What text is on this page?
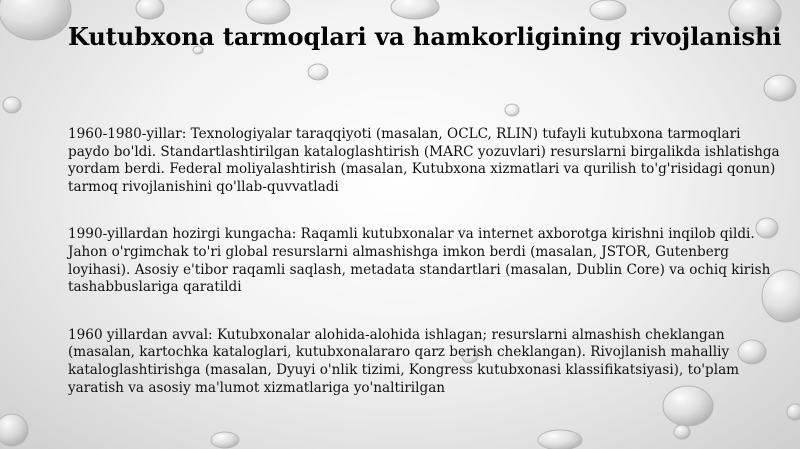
Kutubxona tarmoqlari va hamkorligining rivojlanishi

1960-1980-yillar: Texnologiyalar taraqqiyoti (masalan, OCLC, RLIN) tufayli kutubxona tarmoqlari paydo bo'ldi. Standartlashtirilgan kataloglashtirish (MARC yozuvlari) resurslarni birgalikda ishlatishga yordam berdi. Federal moliyalashtirish (masalan, Kutubxona xizmatlari va qurilish to'g'risidagi qonun) tarmoq rivojlanishini qo'llab-quvvatladi

1990-yillardan hozirgi kungacha: Raqamli kutubxonalar va internet axborotga kirishni inqilob qildi. Jahon o'rgimchak to'ri global resurslarni almashishga imkon berdi (masalan, JSTOR, Gutenberg loyihasi). Asosiy e'tibor raqamli saqlash, metadata standartlari (masalan, Dublin Core) va ochiq kirish tashabbuslariga qaratildi

1960 yillardan avval: Kutubxonalar alohida-alohida ishlagan; resurslarni almashish cheklangan (masalan, kartochka kataloglari, kutubxonalararo qarz berish cheklangan). Rivojlanish mahalliy kataloglashtirishga (masalan, Dyuyi o'nlik tizimi, Kongress kutubxonasi klassifikatsiyasi), to'plam yaratish va asosiy ma'lumot xizmatlariga yo'naltirilgan
